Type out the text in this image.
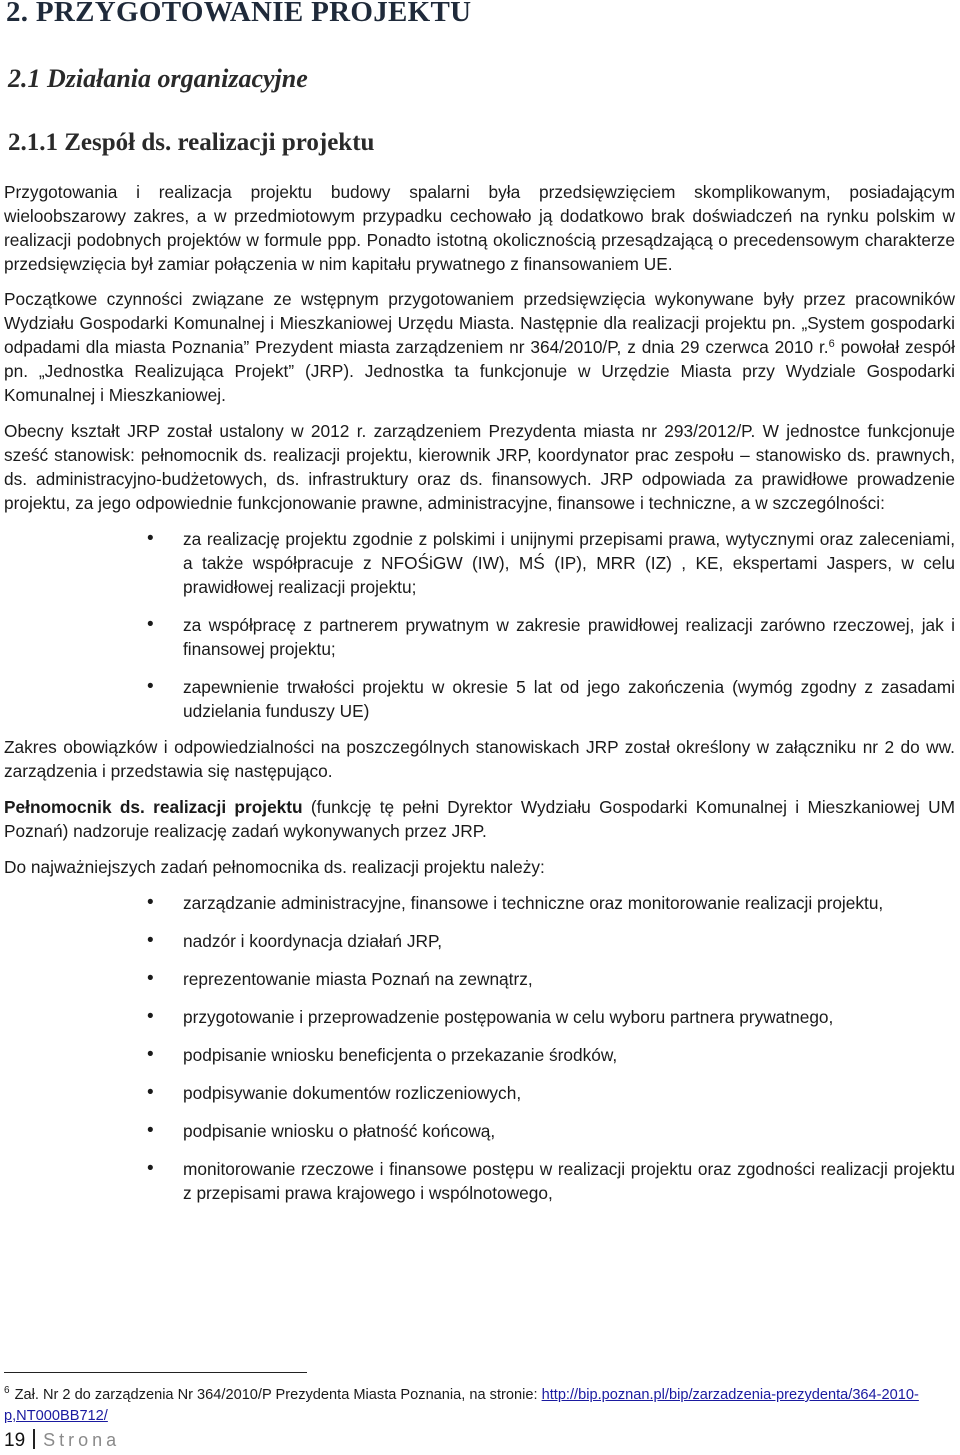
2. PRZYGOTOWANIE PROJEKTU
2.1 Działania organizacyjne
2.1.1 Zespół ds. realizacji projektu

Przygotowania i realizacja projektu budowy spalarni była przedsięwzięciem skomplikowanym, posiadającym wieloobszarowy zakres, a w przedmiotowym przypadku cechowało ją dodatkowo brak doświadczeń na rynku polskim w realizacji podobnych projektów w formule ppp. Ponadto istotną okolicznością przesądzającą o precedensowym charakterze przedsięwzięcia był zamiar połączenia w nim kapitału prywatnego z finansowaniem UE.

Początkowe czynności związane ze wstępnym przygotowaniem przedsięwzięcia wykonywane były przez pracowników Wydziału Gospodarki Komunalnej i Mieszkaniowej Urzędu Miasta. Następnie dla realizacji projektu pn. „System gospodarki odpadami dla miasta Poznania” Prezydent miasta zarządzeniem nr 364/2010/P, z dnia 29 czerwca 2010 r.$^6$ powołał zespół pn. „Jednostka Realizująca Projekt” (JRP). Jednostka ta funkcjonuje w Urzędzie Miasta przy Wydziale Gospodarki Komunalnej i Mieszkaniowej.

Obecny kształt JRP został ustalony w 2012 r. zarządzeniem Prezydenta miasta nr 293/2012/P. W jednostce funkcjonuje sześć stanowisk: pełnomocnik ds. realizacji projektu, kierownik JRP, koordynator prac zespołu – stanowisko ds. prawnych, ds. administracyjno-budżetowych, ds. infrastruktury oraz ds. finansowych. JRP odpowiada za prawidłowe prowadzenie projektu, za jego odpowiednie funkcjonowanie prawne, administracyjne, finansowe i techniczne, a w szczególności:

• za realizację projektu zgodnie z polskimi i unijnymi przepisami prawa, wytycznymi oraz zaleceniami, a także współpracuje z NFOŚiGW (IW), MŚ (IP), MRR (IZ) , KE, ekspertami Jaspers, w celu prawidłowej realizacji projektu;
• za współpracę z partnerem prywatnym w zakresie prawidłowej realizacji zarówno rzeczowej, jak i finansowej projektu;
• zapewnienie trwałości projektu w okresie 5 lat od jego zakończenia (wymóg zgodny z zasadami udzielania funduszy UE)

Zakres obowiązków i odpowiedzialności na poszczególnych stanowiskach JRP został określony w załączniku nr 2 do ww. zarządzenia i przedstawia się następująco.

Pełnomocnik ds. realizacji projektu (funkcję tę pełni Dyrektor Wydziału Gospodarki Komunalnej i Mieszkaniowej UM Poznań) nadzoruje realizację zadań wykonywanych przez JRP.

Do najważniejszych zadań pełnomocnika ds. realizacji projektu należy:

• zarządzanie administracyjne, finansowe i techniczne oraz monitorowanie realizacji projektu,
• nadzór i koordynacja działań JRP,
• reprezentowanie miasta Poznań na zewnątrz,
• przygotowanie i przeprowadzenie postępowania w celu wyboru partnera prywatnego,
• podpisanie wniosku beneficjenta o przekazanie środków,
• podpisywanie dokumentów rozliczeniowych,
• podpisanie wniosku o płatność końcową,
• monitorowanie rzeczowe i finansowe postępu w realizacji projektu oraz zgodności realizacji projektu z przepisami prawa krajowego i wspólnotowego,
$^6$ Zał. Nr 2 do zarządzenia Nr 364/2010/P Prezydenta Miasta Poznania, na stronie: http://bip.poznan.pl/bip/zarzadzenia-prezydenta/364-2010-p,NT000BB712/
19 Strona
